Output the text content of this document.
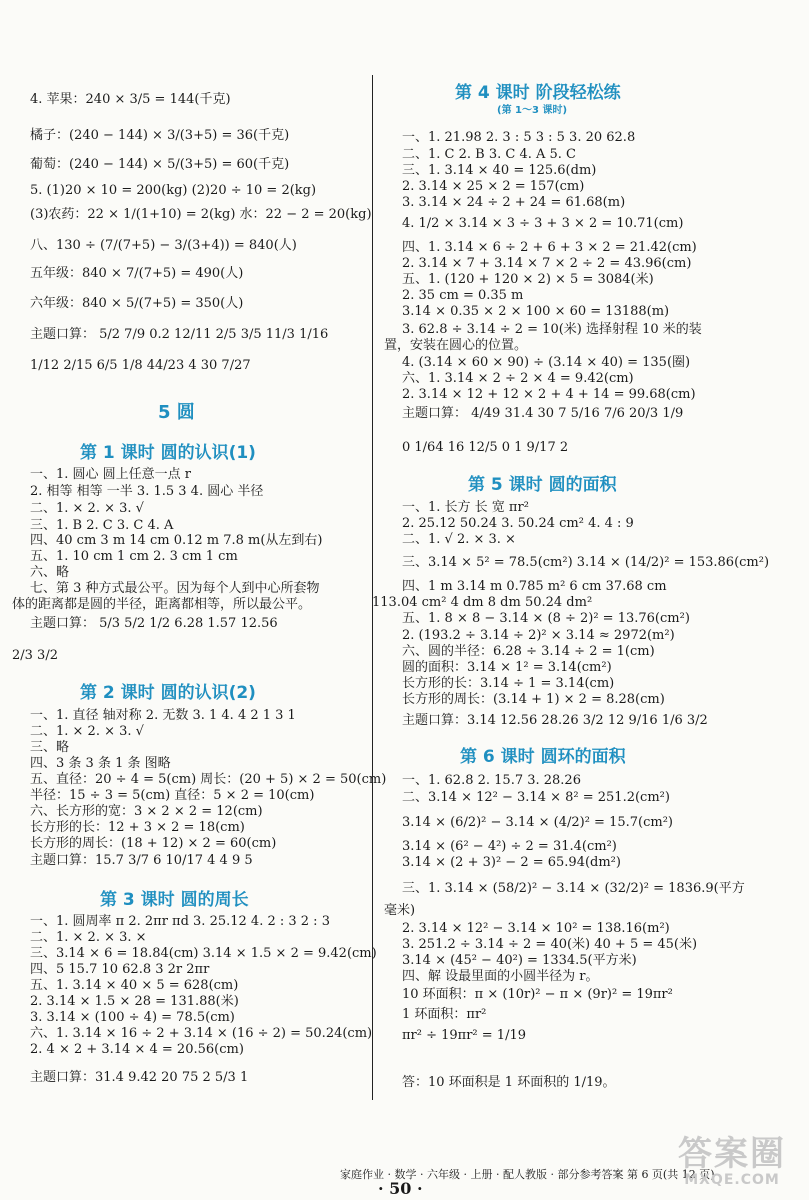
4. 苹果：240 × 3/5 = 144(千克)
橘子：(240 − 144) × 3/(3+5) = 36(千克)
葡萄：(240 − 144) × 5/(3+5) = 60(千克)
5. (1)20 × 10 = 200(kg) (2)20 ÷ 10 = 2(kg)
(3)农药：22 × 1/(1+10) = 2(kg) 水：22 − 2 = 20(kg)
八、130 ÷ (7/(7+5) − 3/(3+4)) = 840(人)
五年级：840 × 7/(7+5) = 490(人)
六年级：840 × 5/(7+5) = 350(人)
主题口算： 5/2 7/9 0.2 12/11 2/5 3/5 11/3 1/16
1/12 2/15 6/5 1/8 44/23 4 30 7/27
5 圆
第 1 课时 圆的认识(1)
一、1. 圆心 圆上任意一点 r
2. 相等 相等 一半 3. 1.5 3 4. 圆心 半径
二、1. × 2. × 3. √
三、1. B 2. C 3. C 4. A
四、40 cm 3 m 14 cm 0.12 m 7.8 m(从左到右)
五、1. 10 cm 1 cm 2. 3 cm 1 cm
六、略
七、第 3 种方式最公平。因为每个人到中心所套物
体的距离都是圆的半径，距离都相等，所以最公平。
主题口算： 5/3 5/2 1/2 6.28 1.57 12.56
2/3 3/2
第 2 课时 圆的认识(2)
一、1. 直径 轴对称 2. 无数 3. 1 4. 4 2 1 3 1
二、1. × 2. × 3. √
三、略
四、3 条 3 条 1 条 图略
五、直径：20 ÷ 4 = 5(cm) 周长：(20 + 5) × 2 = 50(cm)
半径：15 ÷ 3 = 5(cm) 直径：5 × 2 = 10(cm)
六、长方形的宽：3 × 2 × 2 = 12(cm)
长方形的长：12 + 3 × 2 = 18(cm)
长方形的周长：(18 + 12) × 2 = 60(cm)
主题口算：15.7 3/7 6 10/17 4 4 9 5
第 3 课时 圆的周长
一、1. 圆周率 π 2. 2πr πd 3. 25.12 4. 2 : 3 2 : 3
二、1. × 2. × 3. ×
三、3.14 × 6 = 18.84(cm) 3.14 × 1.5 × 2 = 9.42(cm)
四、5 15.7 10 62.8 3 2r 2πr
五、1. 3.14 × 40 × 5 = 628(cm)
2. 3.14 × 1.5 × 28 = 131.88(米)
3. 3.14 × (100 ÷ 4) = 78.5(cm)
六、1. 3.14 × 16 ÷ 2 + 3.14 × (16 ÷ 2) = 50.24(cm)
2. 4 × 2 + 3.14 × 4 = 20.56(cm)
主题口算：31.4 9.42 20 75 2 5/3 1
第 4 课时 阶段轻松练
(第 1～3 课时)
一、1. 21.98 2. 3 : 5 3 : 5 3. 20 62.8
二、1. C 2. B 3. C 4. A 5. C
三、1. 3.14 × 40 = 125.6(dm)
2. 3.14 × 25 × 2 = 157(cm)
3. 3.14 × 24 ÷ 2 + 24 = 61.68(m)
4. 1/2 × 3.14 × 3 ÷ 3 + 3 × 2 = 10.71(cm)
四、1. 3.14 × 6 ÷ 2 + 6 + 3 × 2 = 21.42(cm)
2. 3.14 × 7 + 3.14 × 7 × 2 ÷ 2 = 43.96(cm)
五、1. (120 + 120 × 2) × 5 = 3084(米)
2. 35 cm = 0.35 m
3.14 × 0.35 × 2 × 100 × 60 = 13188(m)
3. 62.8 ÷ 3.14 ÷ 2 = 10(米) 选择射程 10 米的装
置，安装在圆心的位置。
4. (3.14 × 60 × 90) ÷ (3.14 × 40) = 135(圈)
六、1. 3.14 × 2 ÷ 2 × 4 = 9.42(cm)
2. 3.14 × 12 + 12 × 2 + 4 + 14 = 99.68(cm)
主题口算： 4/49 31.4 30 7 5/16 7/6 20/3 1/9
0 1/64 16 12/5 0 1 9/17 2
第 5 课时 圆的面积
一、1. 长方 长 宽 πr²
2. 25.12 50.24 3. 50.24 cm² 4. 4 : 9
二、1. √ 2. × 3. ×
三、3.14 × 5² = 78.5(cm²) 3.14 × (14/2)² = 153.86(cm²)
四、1 m 3.14 m 0.785 m² 6 cm 37.68 cm
113.04 cm² 4 dm 8 dm 50.24 dm²
五、1. 8 × 8 − 3.14 × (8 ÷ 2)² = 13.76(cm²)
2. (193.2 ÷ 3.14 ÷ 2)² × 3.14 ≈ 2972(m²)
六、圆的半径：6.28 ÷ 3.14 ÷ 2 = 1(cm)
圆的面积：3.14 × 1² = 3.14(cm²)
长方形的长：3.14 ÷ 1 = 3.14(cm)
长方形的周长：(3.14 + 1) × 2 = 8.28(cm)
主题口算：3.14 12.56 28.26 3/2 12 9/16 1/6 3/2
第 6 课时 圆环的面积
一、1. 62.8 2. 15.7 3. 28.26
二、3.14 × 12² − 3.14 × 8² = 251.2(cm²)
3.14 × (6/2)² − 3.14 × (4/2)² = 15.7(cm²)
3.14 × (6² − 4²) ÷ 2 = 31.4(cm²)
3.14 × (2 + 3)² − 2 = 65.94(dm²)
三、1. 3.14 × (58/2)² − 3.14 × (32/2)² = 1836.9(平方
毫米)
2. 3.14 × 12² − 3.14 × 10² = 138.16(m²)
3. 251.2 ÷ 3.14 ÷ 2 = 40(米) 40 + 5 = 45(米)
3.14 × (45² − 40²) = 1334.5(平方米)
四、解 设最里面的小圆半径为 r。
10 环面积：π × (10r)² − π × (9r)² = 19πr²
1 环面积：πr²
πr² ÷ 19πr² = 1/19
答：10 环面积是 1 环面积的 1/19。
家庭作业 · 数学 · 六年级 · 上册 · 配人教版 · 部分参考答案 第 6 页(共 12 页)
· 50 ·
答案圈
MXQE.COM
